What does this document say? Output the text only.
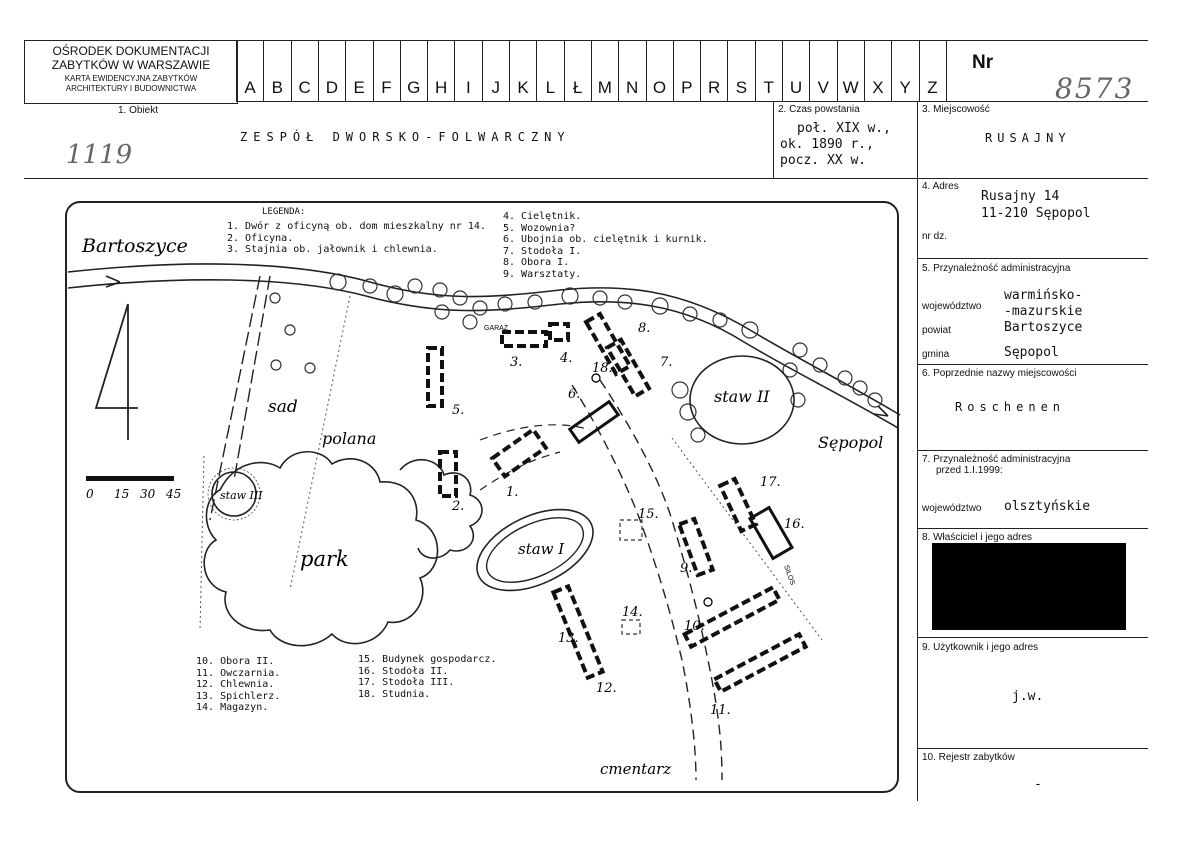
OŚRODEK DOKUMENTACJI
ZABYTKÓW W WARSZAWIE
KARTA EWIDENCYJNA ZABYTKÓW
ARCHITEKTURY I BUDOWNICTWA	A B C D E F G H	I	J	K L	Ł M N O P R S T U V W X Y Z
Nr
8573
1. Obiekt
ZESPÓŁ DWORSKO-FOLWARCZNY
1119
2. Czas powstania
poł. XIX w.,
ok. 1890 r.,
pocz. XX w.
3. Miejscowość
RUSAJNY
4. Adres
Rusajny 14
11-210 Sępopol
nr dz.
5. Przynależność administracyjna
województwo
warmińsko-
-mazurskie
powiat	Bartoszyce
gmina	Sępopol
6. Poprzednie nazwy miejscowości
Roschenen
7. Przynależność administracyjna
przed 1.I.1999:
województwo olsztyńskie
8. Właściciel i jego adres
9. Użytkownik i jego adres
j.w.
10. Rejestr zabytków
-
Bartoszyce
Sępopol
cmentarz
sad
polana
park	staw I
staw II
staw III
GARAŻ
SILOS
0 15 30 45	1.
2.
3.	4.
5.
6.
7.
8.
9.
10.
11.
12.
13.
14.
15.
16.
17.
18.
LEGENDA:
1. Dwór z oficyną ob. dom mieszkalny nr 14.
2. Oficyna.
3. Stajnia ob. jałownik i chlewnia.
4. Cielętnik.
5. Wozownia?
6. Ubojnia ob. cielętnik i kurnik.
7. Stodoła I.
8. Obora I.
9. Warsztaty.
10. Obora II.
11. Owczarnia.
12. Chlewnia.
13. Spichlerz.
14. Magazyn.
15. Budynek gospodarcz.
16. Stodoła II.
17. Stodoła III.
18. Studnia.
